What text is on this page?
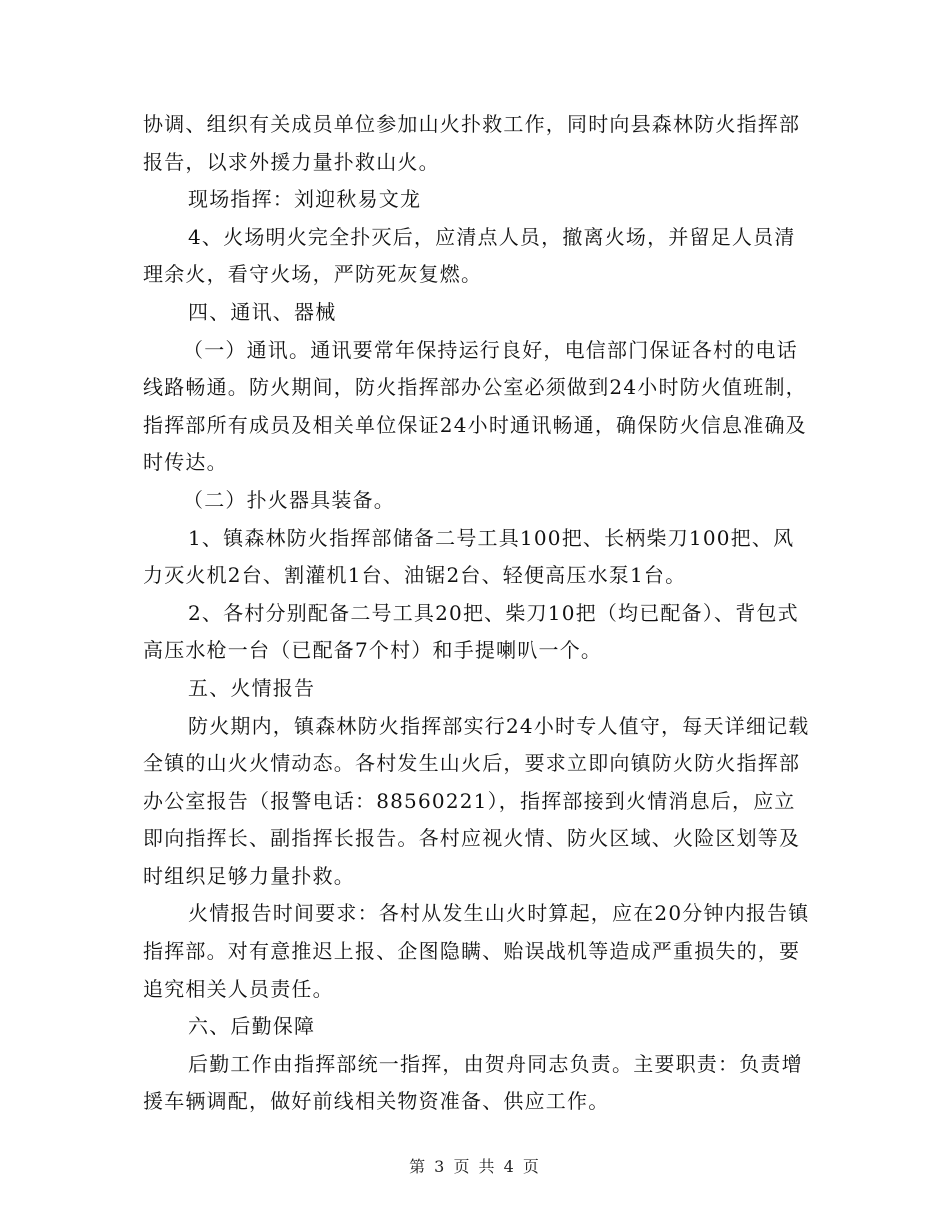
协调、组织有关成员单位参加山火扑救工作，同时向县森林防火指挥部报告，以求外援力量扑救山火。

现场指挥：刘迎秋易文龙

4、火场明火完全扑灭后，应清点人员，撤离火场，并留足人员清理余火，看守火场，严防死灰复燃。

四、通讯、器械

（一）通讯。通讯要常年保持运行良好，电信部门保证各村的电话线路畅通。防火期间，防火指挥部办公室必须做到24小时防火值班制，指挥部所有成员及相关单位保证24小时通讯畅通，确保防火信息准确及时传达。

（二）扑火器具装备。

1、镇森林防火指挥部储备二号工具100把、长柄柴刀100把、风力灭火机2台、割灌机1台、油锯2台、轻便高压水泵1台。

2、各村分别配备二号工具20把、柴刀10把（均已配备）、背包式高压水枪一台（已配备7个村）和手提喇叭一个。

五、火情报告

防火期内，镇森林防火指挥部实行24小时专人值守，每天详细记载全镇的山火火情动态。各村发生山火后，要求立即向镇防火防火指挥部办公室报告（报警电话：88560221），指挥部接到火情消息后，应立即向指挥长、副指挥长报告。各村应视火情、防火区域、火险区划等及时组织足够力量扑救。

火情报告时间要求：各村从发生山火时算起，应在20分钟内报告镇指挥部。对有意推迟上报、企图隐瞒、贻误战机等造成严重损失的，要追究相关人员责任。

六、后勤保障

后勤工作由指挥部统一指挥，由贺舟同志负责。主要职责：负责增援车辆调配，做好前线相关物资准备、供应工作。

第 3 页 共 4 页
